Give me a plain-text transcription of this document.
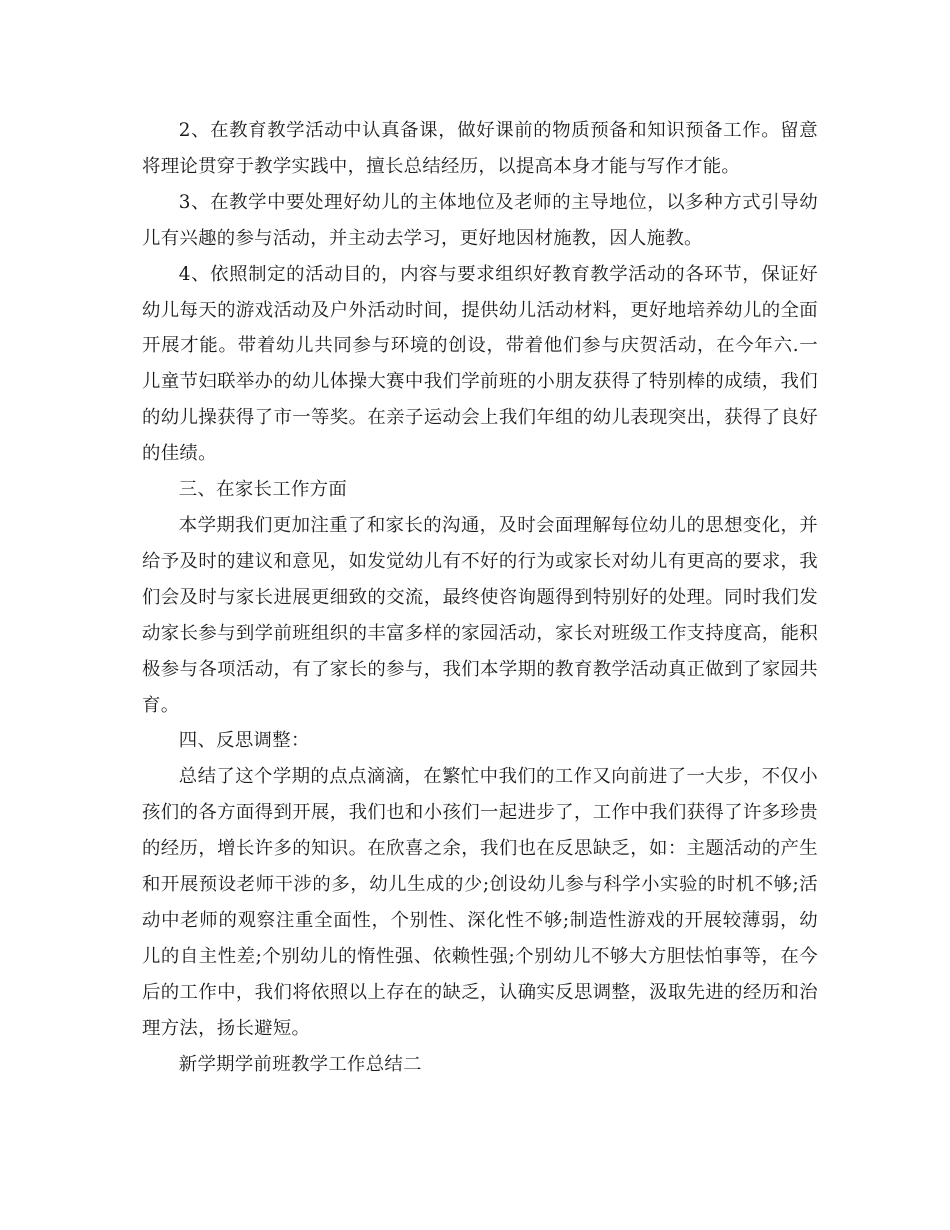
2、在教育教学活动中认真备课，做好课前的物质预备和知识预备工作。留意将理论贯穿于教学实践中，擅长总结经历，以提高本身才能与写作才能。

3、在教学中要处理好幼儿的主体地位及老师的主导地位，以多种方式引导幼儿有兴趣的参与活动，并主动去学习，更好地因材施教，因人施教。

4、依照制定的活动目的，内容与要求组织好教育教学活动的各环节，保证好幼儿每天的游戏活动及户外活动时间，提供幼儿活动材料，更好地培养幼儿的全面开展才能。带着幼儿共同参与环境的创设，带着他们参与庆贺活动，在今年六.一儿童节妇联举办的幼儿体操大赛中我们学前班的小朋友获得了特别棒的成绩，我们的幼儿操获得了市一等奖。在亲子运动会上我们年组的幼儿表现突出，获得了良好的佳绩。

三、在家长工作方面

本学期我们更加注重了和家长的沟通，及时会面理解每位幼儿的思想变化，并给予及时的建议和意见，如发觉幼儿有不好的行为或家长对幼儿有更高的要求，我们会及时与家长进展更细致的交流，最终使咨询题得到特别好的处理。同时我们发动家长参与到学前班组织的丰富多样的家园活动，家长对班级工作支持度高，能积极参与各项活动，有了家长的参与，我们本学期的教育教学活动真正做到了家园共育。

四、反思调整：

总结了这个学期的点点滴滴，在繁忙中我们的工作又向前进了一大步，不仅小孩们的各方面得到开展，我们也和小孩们一起进步了，工作中我们获得了许多珍贵的经历，增长许多的知识。在欣喜之余，我们也在反思缺乏，如：主题活动的产生和开展预设老师干涉的多，幼儿生成的少;创设幼儿参与科学小实验的时机不够;活动中老师的观察注重全面性，个别性、深化性不够;制造性游戏的开展较薄弱，幼儿的自主性差;个别幼儿的惰性强、依赖性强;个别幼儿不够大方胆怯怕事等，在今后的工作中，我们将依照以上存在的缺乏，认确实反思调整，汲取先进的经历和治理方法，扬长避短。

新学期学前班教学工作总结二
